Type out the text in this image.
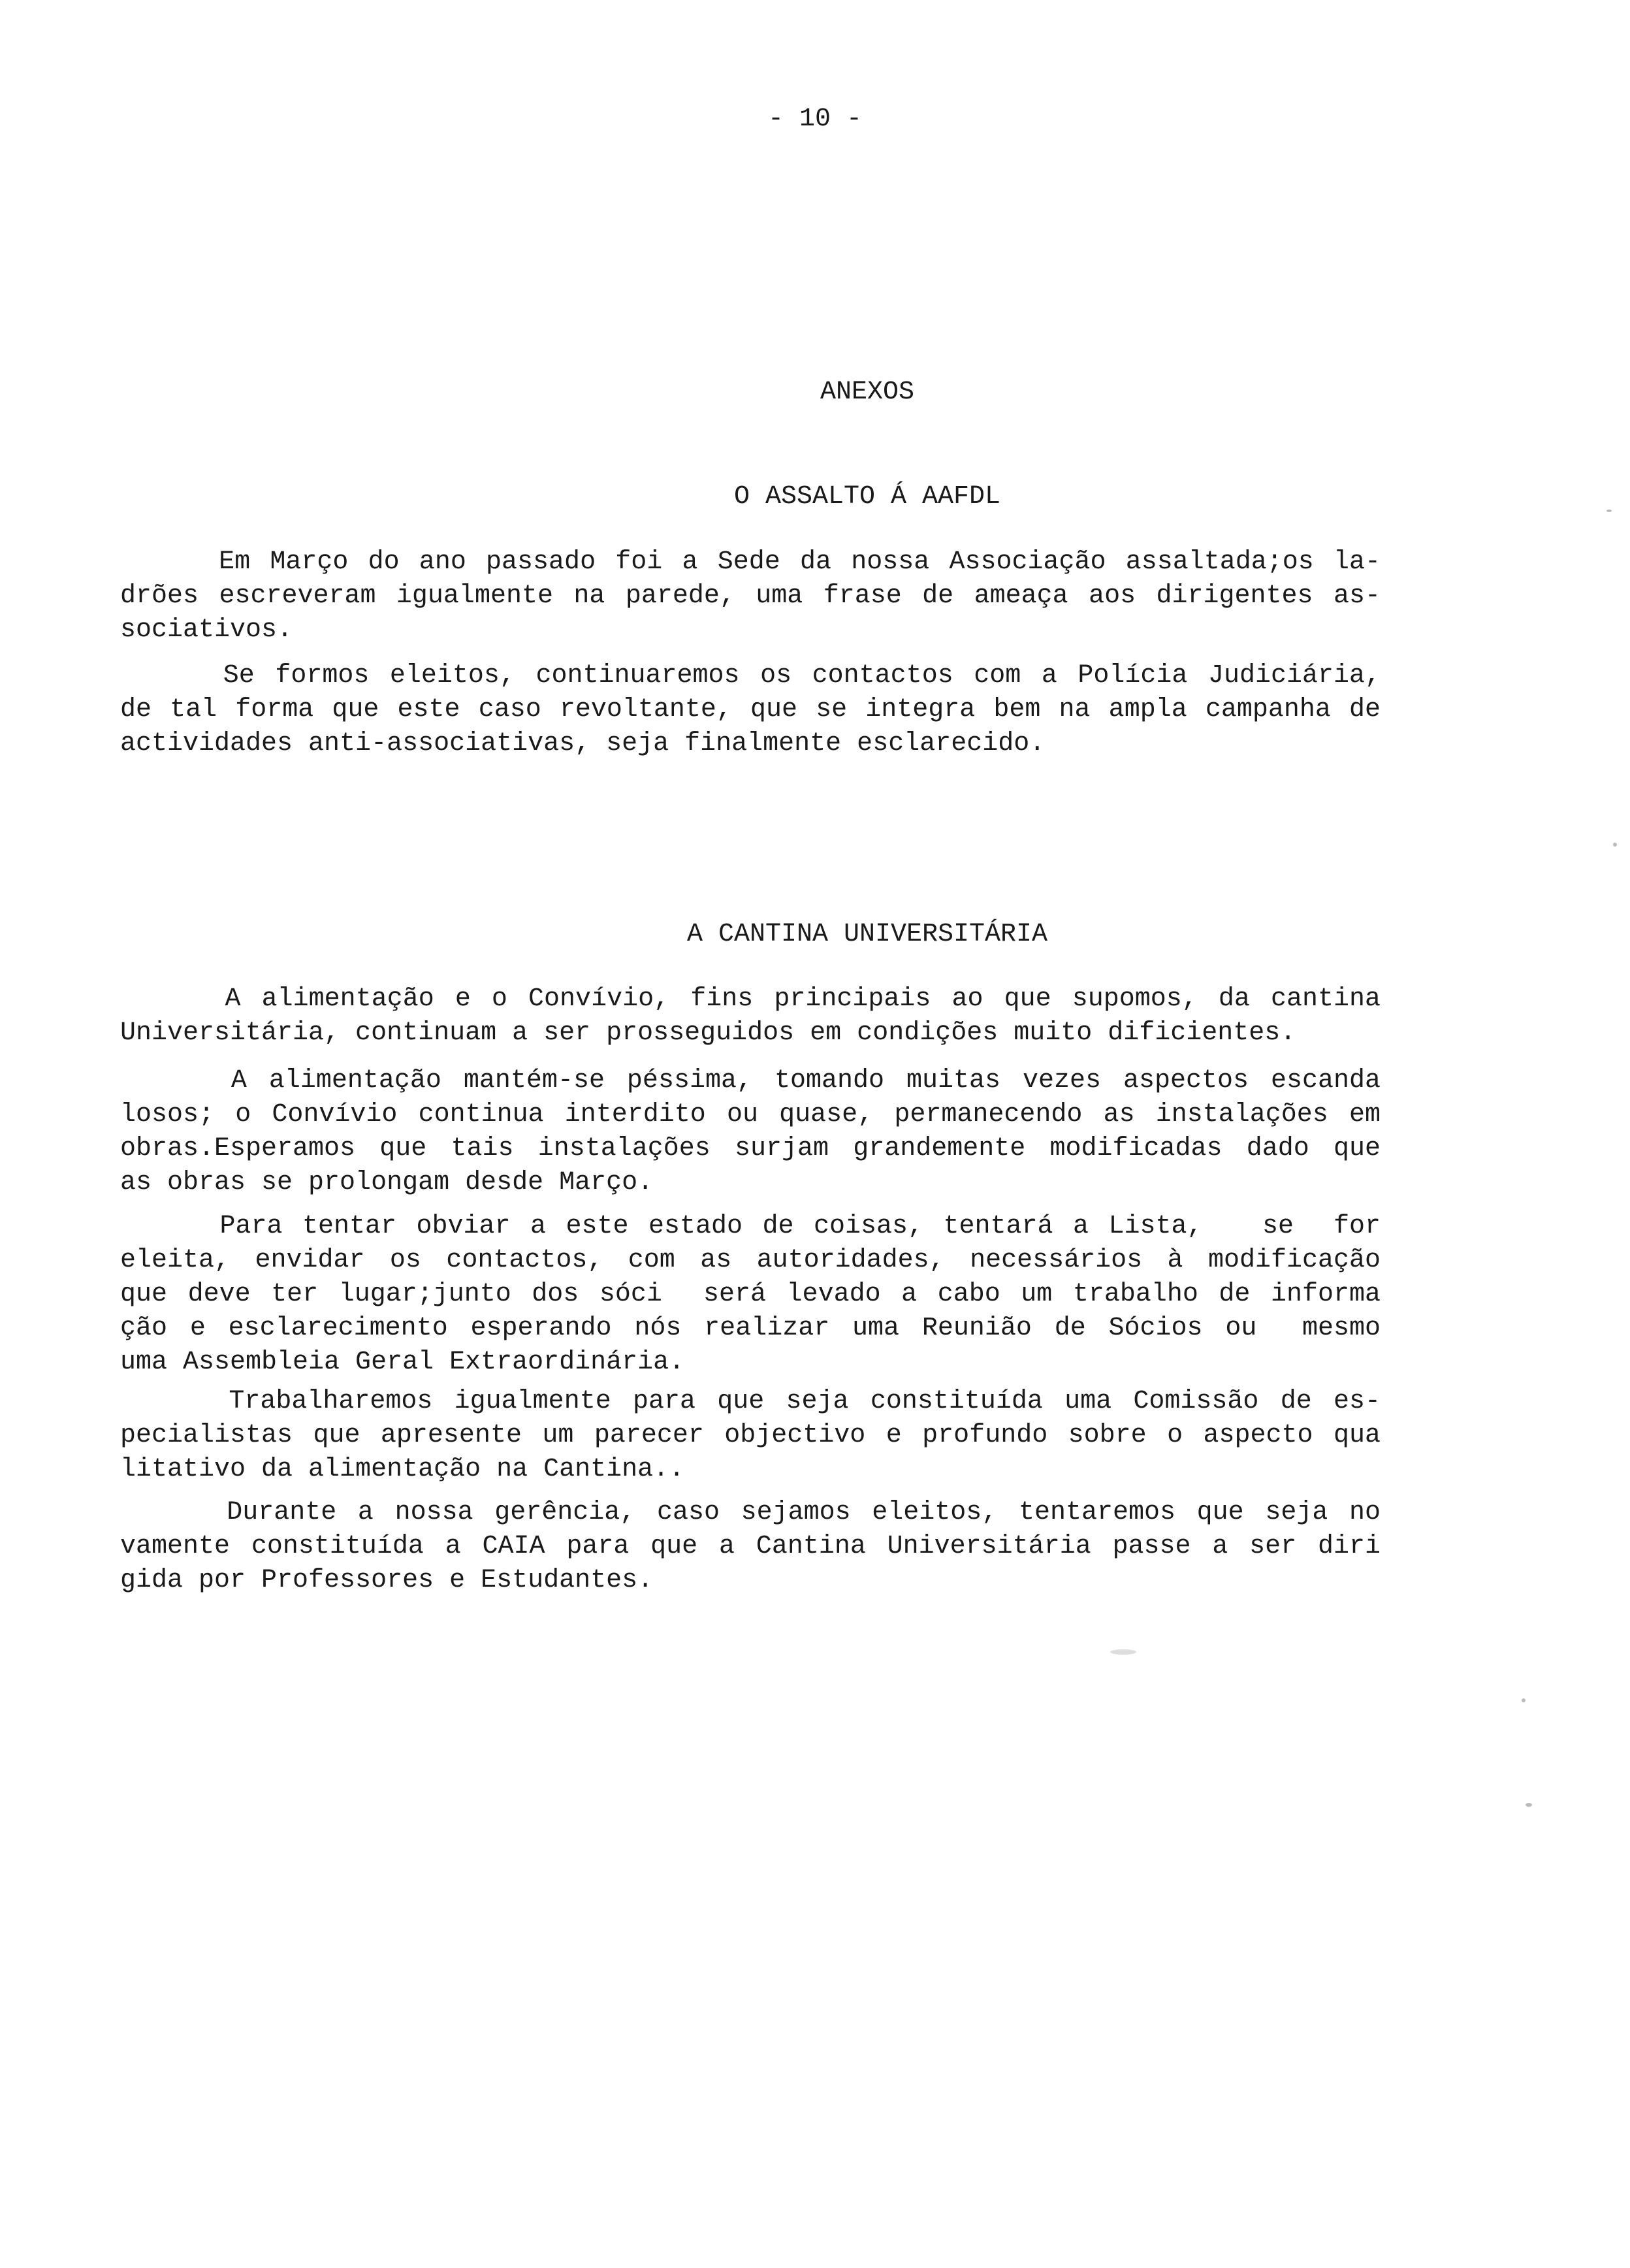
- 10 -
ANEXOS
O ASSALTO Á AAFDL
Em Março do ano passado foi a Sede da nossa Associação assaltada;os la-
drões escreveram igualmente na parede, uma frase de ameaça aos dirigentes as-
sociativos.
Se formos eleitos, continuaremos os contactos com a Polícia Judiciária,
de tal forma que este caso revoltante, que se integra bem na ampla campanha de
actividades anti-associativas, seja finalmente esclarecido.
A CANTINA UNIVERSITÁRIA
A alimentação e o Convívio, fins principais ao que supomos, da cantina
Universitária, continuam a ser prosseguidos em condições muito dificientes.
A alimentação mantém-se péssima, tomando muitas vezes aspectos escanda
losos; o Convívio continua interdito ou quase, permanecendo as instalações em
obras.Esperamos que tais instalações surjam grandemente modificadas dado que
as obras se prolongam desde Março.
Para tentar obviar a este estado de coisas, tentará a Lista,   se  for
eleita, envidar os contactos, com as autoridades, necessários à modificação
que deve ter lugar;junto dos sóci  será levado a cabo um trabalho de informa
ção e esclarecimento esperando nós realizar uma Reunião de Sócios ou  mesmo
uma Assembleia Geral Extraordinária.
Trabalharemos igualmente para que seja constituída uma Comissão de es-
pecialistas que apresente um parecer objectivo e profundo sobre o aspecto qua
litativo da alimentação na Cantina..
Durante a nossa gerência, caso sejamos eleitos, tentaremos que seja no
vamente constituída a CAIA para que a Cantina Universitária passe a ser diri
gida por Professores e Estudantes.
